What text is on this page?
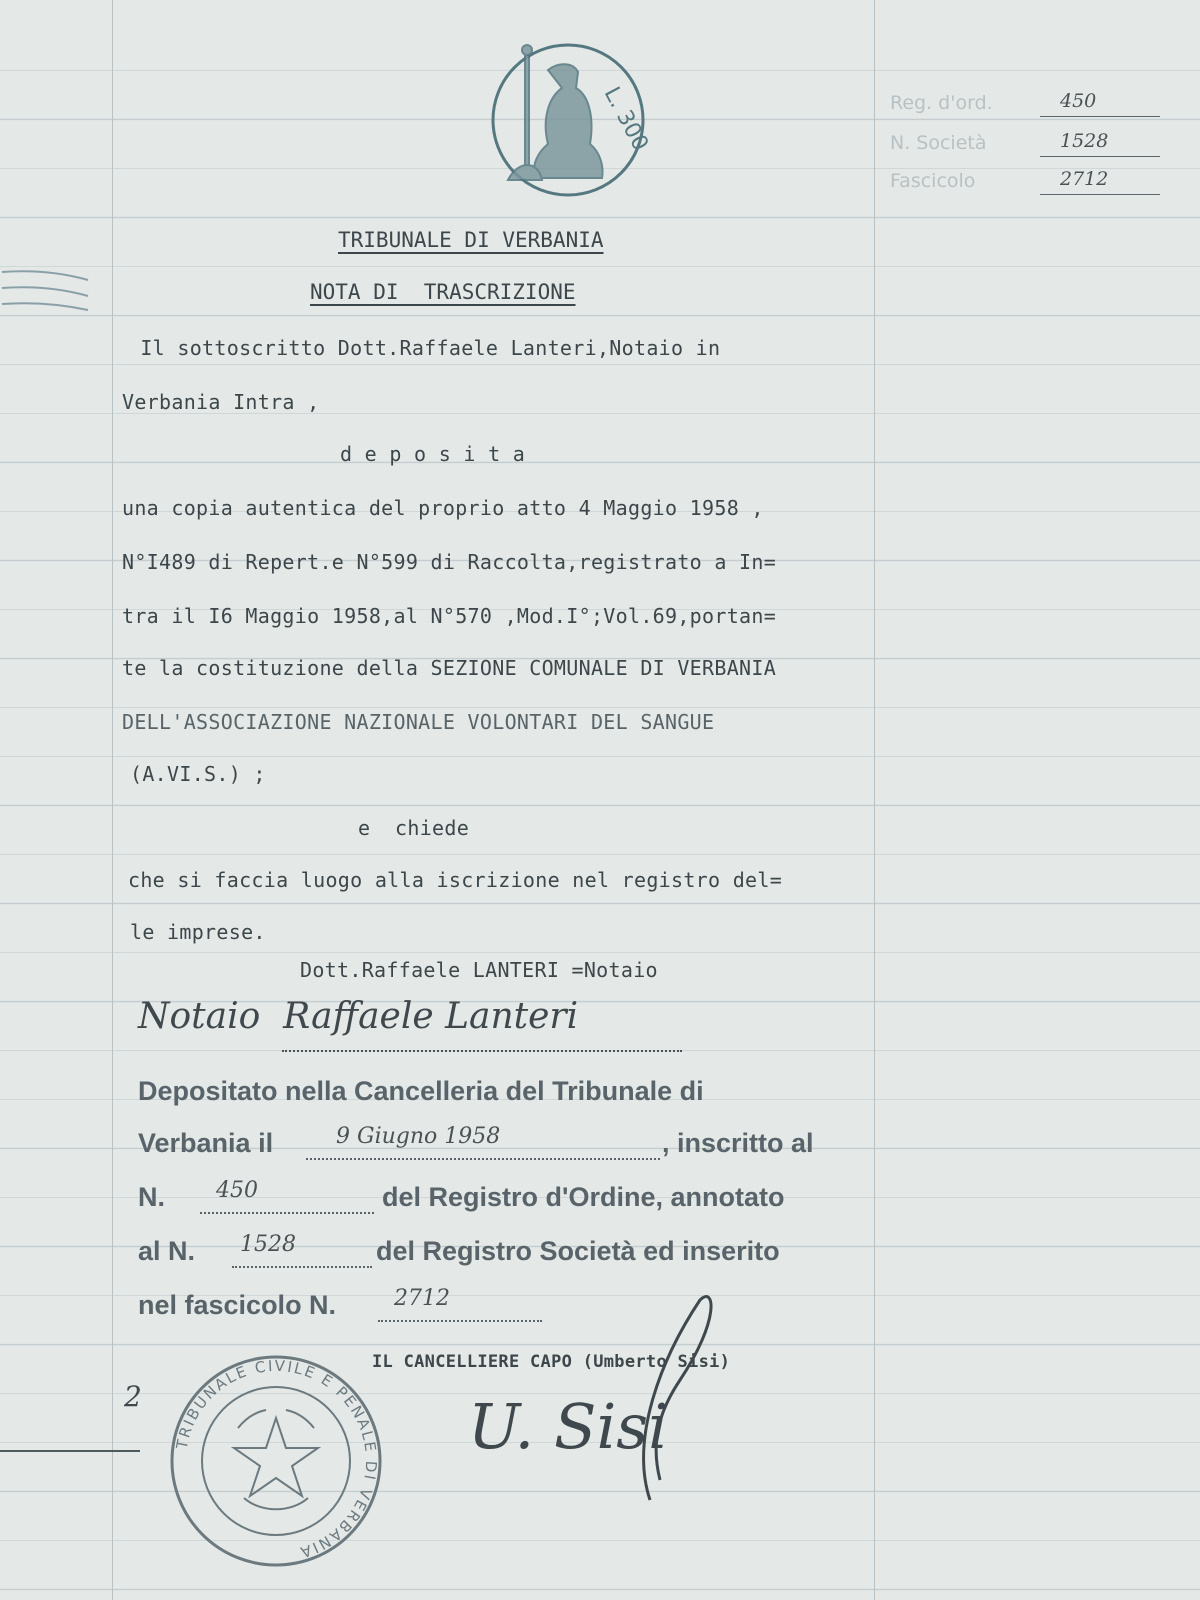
L. 300	Reg. d'ord.	450
N. Società	1528
Fascicolo	2712
TRIBUNALE DI VERBANIA
NOTA DI  TRASCRIZIONE
Il sottoscritto Dott.Raffaele Lanteri,Notaio in
Verbania Intra ,
d e p o s i t a
una copia autentica del proprio atto 4 Maggio 1958 ,
N°I489 di Repert.e N°599 di Raccolta,registrato a In=
tra il I6 Maggio 1958,al N°570 ,Mod.I°;Vol.69,portan=
te la costituzione della SEZIONE COMUNALE DI VERBANIA
DELL'ASSOCIAZIONE NAZIONALE VOLONTARI DEL SANGUE
(A.VI.S.) ;
e  chiede
che si faccia luogo alla iscrizione nel registro del=
le imprese.
Dott.Raffaele LANTERI =Notaio
Notaio  Raffaele Lanteri
Depositato nella Cancelleria del Tribunale di
Verbania il	9 Giugno 1958	, inscritto al
N. 450	del Registro d'Ordine, annotato
al N. 1528	del Registro Società ed inserito
nel fascicolo N.	2712
IL CANCELLIERE CAPO (Umberto Sisi)
U. Sisi
2
TRIBUNALE CIVILE E PENALE DI VERBANIA
